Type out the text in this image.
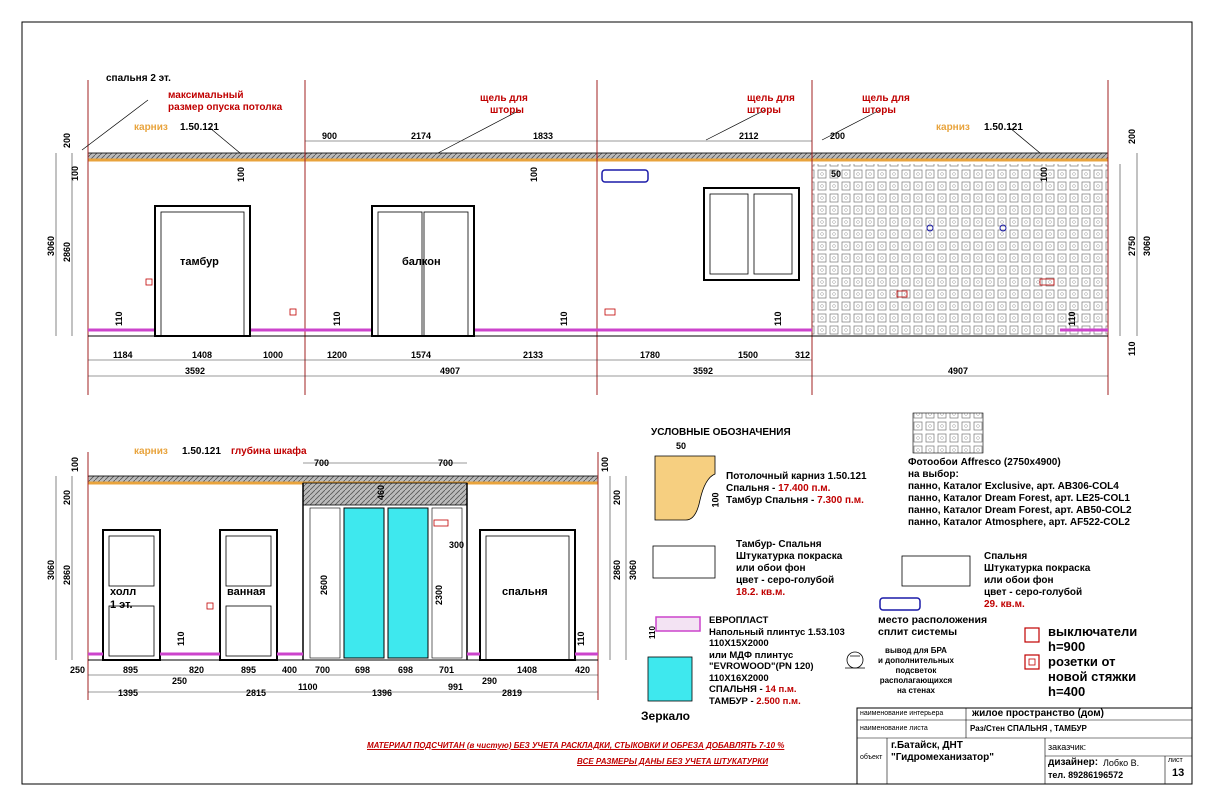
спальня 2 эт.
максимальный
размер опуска потолка
карниз 1.50.121	карниз 1.50.121
щель для
шторы
щель для
шторы
щель для
шторы
тамбур	балкон
900	2174	1833	2112	200
50
1184	1408	1000	1200	1574	2133	1780	1500	312
3592	4907	3592	4907
3060 2860
200
100
200
2750 3060
110
100	100	100
110	110	110	110	110
карниз 1.50.121 глубина шкафа
холл
1 эт.
ванная	спальня
700	700
460
2600	2300
300
250	895	820	895	400 700	698	698	701	1408	420
250	290
1395	2815
1100
1396
991
2819
3060 2860
200
100
2860 3060
200
100
110	110
УСЛОВНЫЕ ОБОЗНАЧЕНИЯ
50
100
Потолочный карниз 1.50.121
Спальня - 17.400 п.м.
Тамбур Спальня - 7.300 п.м.
Тамбур- Спальня
Штукатурка покраска
или обои фон
цвет - серо-голубой
18.2. кв.м.
110
ЕВРОПЛАСТ
Напольный плинтус 1.53.103
110Х15Х2000
или МДФ плинтус
"EVROWOOD"(PN 120)
110Х16Х2000
СПАЛЬНЯ - 14 п.м.
ТАМБУР - 2.500 п.м.
Зеркало
Фотообои Affresco (2750х4900)
на выбор:
панно, Каталог Exclusive, арт. AB306-COL4
панно, Каталог Dream Forest, арт. LE25-COL1
панно, Каталог Dream Forest, арт. AB50-COL2
панно, Каталог Atmosphere, арт. AF522-COL2
Спальня
Штукатурка покраска
или обои фон
цвет - серо-голубой
29. кв.м.
место расположения
сплит системы
вывод для БРА
и дополнительных
подсветок
располагающихся
на стенах
выключатели
h=900
розетки от
новой стяжки
h=400
МАТЕРИАЛ ПОДСЧИТАН (в чистую) БЕЗ УЧЕТА РАСКЛАДКИ, СТЫКОВКИ И ОБРЕЗА ДОБАВЛЯТЬ 7-10 %
ВСЕ РАЗМЕРЫ ДАНЫ БЕЗ УЧЕТА ШТУКАТУРКИ
наименование интерьера	жилое пространство (дом)
наименование листа	Раз/Стен СПАЛЬНЯ , ТАМБУР
объект
г.Батайск, ДНТ
"Гидромеханизатор"
заказчик:
дизайнер: Лобко В.
тел. 89286196572
лист
13
